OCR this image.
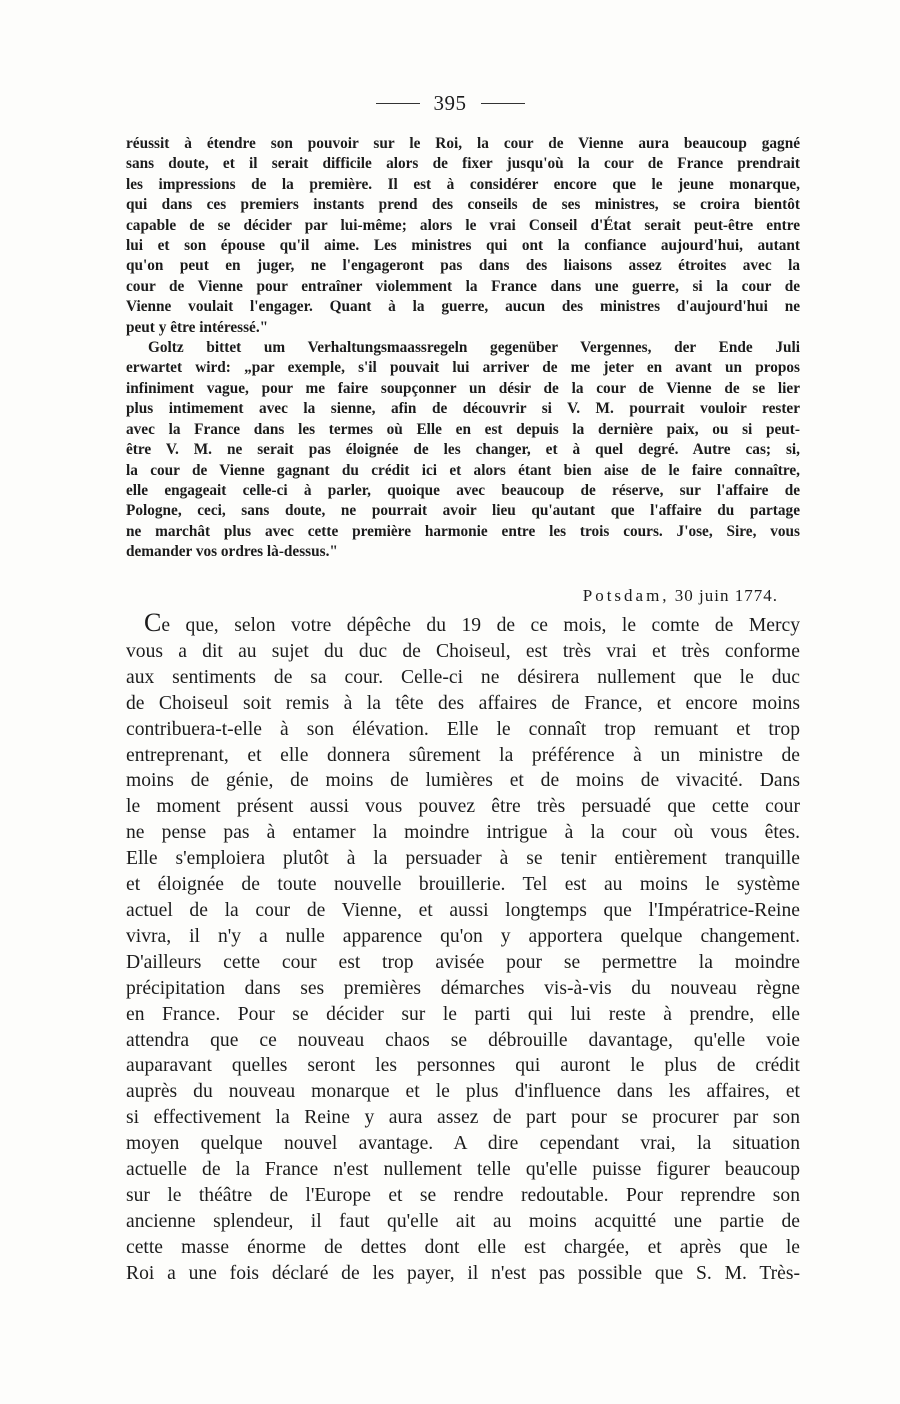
395
réussit à étendre son pouvoir sur le Roi, la cour de Vienne aura beaucoup gagné
sans doute, et il serait difficile alors de fixer jusqu'où la cour de France prendrait
les impressions de la première. Il est à considérer encore que le jeune monarque,
qui dans ces premiers instants prend des conseils de ses ministres, se croira bientôt
capable de se décider par lui-même; alors le vrai Conseil d'État serait peut-être entre
lui et son épouse qu'il aime. Les ministres qui ont la confiance aujourd'hui, autant
qu'on peut en juger, ne l'engageront pas dans des liaisons assez étroites avec la
cour de Vienne pour entraîner violemment la France dans une guerre, si la cour de
Vienne voulait l'engager. Quant à la guerre, aucun des ministres d'aujourd'hui ne
peut y être intéressé."
Goltz bittet um Verhaltungsmaassregeln gegenüber Vergennes, der Ende Juli
erwartet wird: „par exemple, s'il pouvait lui arriver de me jeter en avant un propos
infiniment vague, pour me faire soupçonner un désir de la cour de Vienne de se lier
plus intimement avec la sienne, afin de découvrir si V. M. pourrait vouloir rester
avec la France dans les termes où Elle en est depuis la dernière paix, ou si peut-
être V. M. ne serait pas éloignée de les changer, et à quel degré. Autre cas; si,
la cour de Vienne gagnant du crédit ici et alors étant bien aise de le faire connaître,
elle engageait celle-ci à parler, quoique avec beaucoup de réserve, sur l'affaire de
Pologne, ceci, sans doute, ne pourrait avoir lieu qu'autant que l'affaire du partage
ne marchât plus avec cette première harmonie entre les trois cours. J'ose, Sire, vous
demander vos ordres là-dessus."
Potsdam, 30 juin 1774.
Ce que, selon votre dépêche du 19 de ce mois, le comte de Mercy
vous a dit au sujet du duc de Choiseul, est très vrai et très conforme
aux sentiments de sa cour. Celle-ci ne désirera nullement que le duc
de Choiseul soit remis à la tête des affaires de France, et encore moins
contribuera-t-elle à son élévation. Elle le connaît trop remuant et trop
entreprenant, et elle donnera sûrement la préférence à un ministre de
moins de génie, de moins de lumières et de moins de vivacité. Dans
le moment présent aussi vous pouvez être très persuadé que cette cour
ne pense pas à entamer la moindre intrigue à la cour où vous êtes.
Elle s'emploiera plutôt à la persuader à se tenir entièrement tranquille
et éloignée de toute nouvelle brouillerie. Tel est au moins le système
actuel de la cour de Vienne, et aussi longtemps que l'Impératrice-Reine
vivra, il n'y a nulle apparence qu'on y apportera quelque changement.
D'ailleurs cette cour est trop avisée pour se permettre la moindre
précipitation dans ses premières démarches vis-à-vis du nouveau règne
en France. Pour se décider sur le parti qui lui reste à prendre, elle
attendra que ce nouveau chaos se débrouille davantage, qu'elle voie
auparavant quelles seront les personnes qui auront le plus de crédit
auprès du nouveau monarque et le plus d'influence dans les affaires, et
si effectivement la Reine y aura assez de part pour se procurer par son
moyen quelque nouvel avantage. A dire cependant vrai, la situation
actuelle de la France n'est nullement telle qu'elle puisse figurer beaucoup
sur le théâtre de l'Europe et se rendre redoutable. Pour reprendre son
ancienne splendeur, il faut qu'elle ait au moins acquitté une partie de
cette masse énorme de dettes dont elle est chargée, et après que le
Roi a une fois déclaré de les payer, il n'est pas possible que S. M. Très-
